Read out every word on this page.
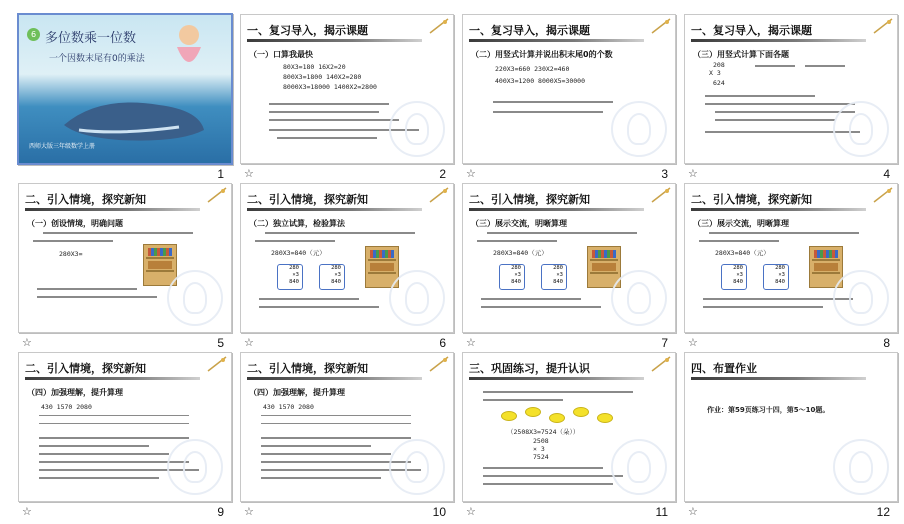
6 多位数乘一位数
一个因数末尾有0的乘法
西师大版三年级数学上册
1
一、复习导入，揭示课题
（一）口算我最快
80X3=180 16X2=20
800X3=1800 140X2=280
8000X3=18000 1400X2=2800
☆	2
一、复习导入，揭示课题
（二）用竖式计算并说出积末尾0的个数
220X3=660 230X2=460
400X3=1200 8000X5=30000
☆	3
一、复习导入，揭示课题
（三）用竖式计算下面各题
208
X 3
624
☆	4
二、引入情境，探究新知
（一）创设情境，明确问题
280X3=
☆	5
二、引入情境，探究新知
（二）独立试算，检验算法
280X3=840（元）
280
×3
840
280
×3
840
☆	6
二、引入情境，探究新知
（三）展示交流，明晰算理
280X3=840（元）
280
×3
840
280
×3
840
☆	7
二、引入情境，探究新知
（三）展示交流，明晰算理
280X3=840（元）
280
×3
840
280
×3
840
☆	8
二、引入情境，探究新知
（四）加强理解，提升算理
430 1570 2080
☆	9
二、引入情境，探究新知
（四）加强理解，提升算理
430 1570 2080
☆	10
三、巩固练习，提升认识
（2508X3=7524（朵））
2508
× 3
7524
☆	11
四、布置作业
作业：第59页练习十四，第5～10题。
☆	12
